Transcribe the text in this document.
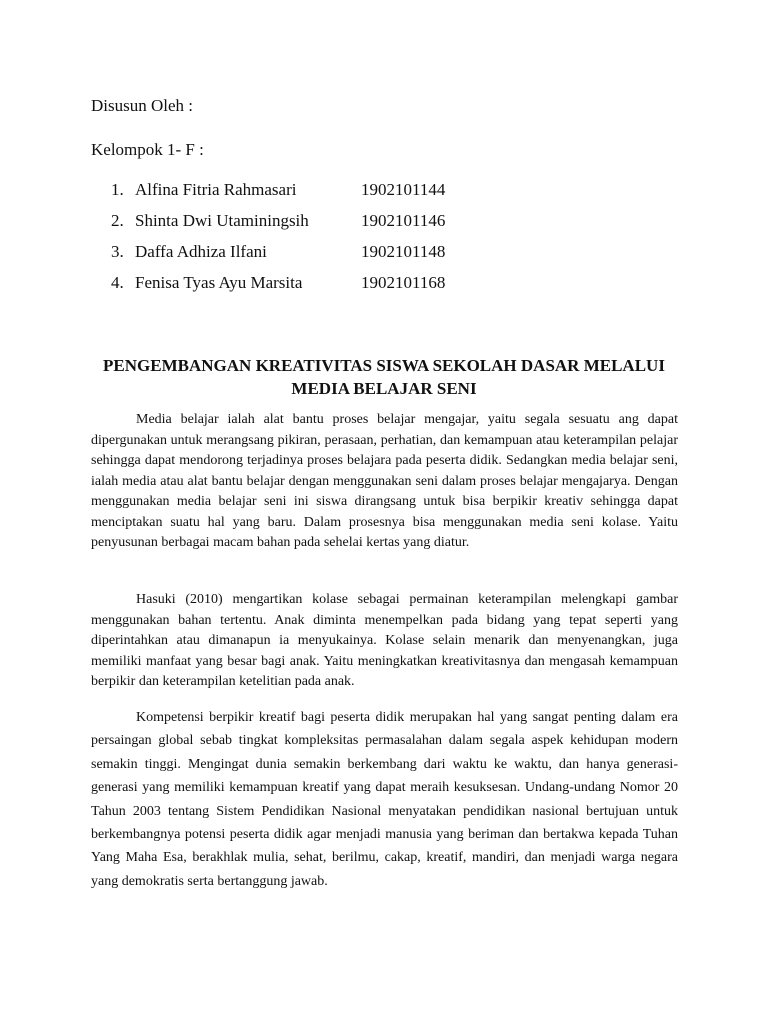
Disusun Oleh :
Kelompok 1- F :
1. Alfina Fitria Rahmasari	1902101144
2. Shinta Dwi Utaminingsih	1902101146
3. Daffa Adhiza Ilfani	1902101148
4. Fenisa Tyas Ayu Marsita	1902101168
PENGEMBANGAN KREATIVITAS SISWA SEKOLAH DASAR MELALUI
MEDIA BELAJAR SENI

Media belajar ialah alat bantu proses belajar mengajar, yaitu segala sesuatu ang dapat dipergunakan untuk merangsang pikiran, perasaan, perhatian, dan kemampuan atau keterampilan pelajar sehingga dapat mendorong terjadinya proses belajara pada peserta didik. Sedangkan media belajar seni, ialah media atau alat bantu belajar dengan menggunakan seni dalam proses belajar mengajarya. Dengan menggunakan media belajar seni ini siswa dirangsang untuk bisa berpikir kreativ sehingga dapat menciptakan suatu hal yang baru. Dalam prosesnya bisa menggunakan media seni kolase. Yaitu penyusunan berbagai macam bahan pada sehelai kertas yang diatur.

Hasuki (2010) mengartikan kolase sebagai permainan keterampilan melengkapi gambar menggunakan bahan tertentu. Anak diminta menempelkan pada bidang yang tepat seperti yang diperintahkan atau dimanapun ia menyukainya. Kolase selain menarik dan menyenangkan, juga memiliki manfaat yang besar bagi anak. Yaitu meningkatkan kreativitasnya dan mengasah kemampuan berpikir dan keterampilan ketelitian pada anak.

Kompetensi berpikir kreatif bagi peserta didik merupakan hal yang sangat penting dalam era persaingan global sebab tingkat kompleksitas permasalahan dalam segala aspek kehidupan modern semakin tinggi. Mengingat dunia semakin berkembang dari waktu ke waktu, dan hanya generasi-generasi yang memiliki kemampuan kreatif yang dapat meraih kesuksesan. Undang-undang Nomor 20 Tahun 2003 tentang Sistem Pendidikan Nasional menyatakan pendidikan nasional bertujuan untuk berkembangnya potensi peserta didik agar menjadi manusia yang beriman dan bertakwa kepada Tuhan Yang Maha Esa, berakhlak mulia, sehat, berilmu, cakap, kreatif, mandiri, dan menjadi warga negara yang demokratis serta bertanggung jawab.
